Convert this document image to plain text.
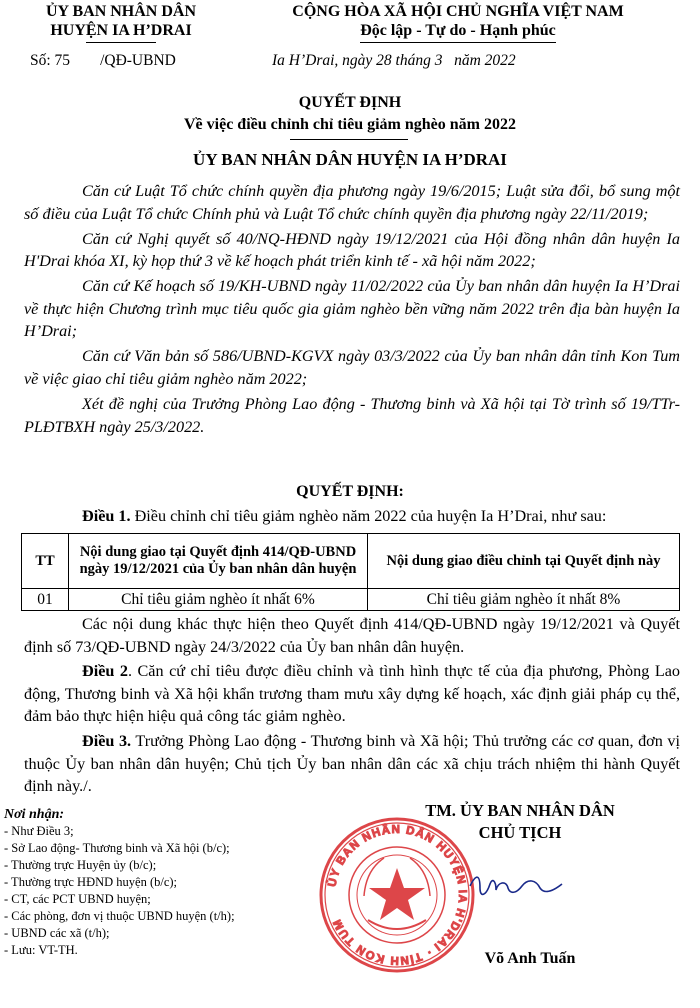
ỦY BAN NHÂN DÂN
HUYỆN IA H’DRAI
CỘNG HÒA XÃ HỘI CHỦ NGHĨA VIỆT NAM
Độc lập - Tự do - Hạnh phúc
Số: 75 /QĐ-UBND	Ia H’Drai, ngày 28 tháng 3   năm 2022
QUYẾT ĐỊNH
Về việc điều chỉnh chỉ tiêu giảm nghèo năm 2022
ỦY BAN NHÂN DÂN HUYỆN IA H’DRAI

Căn cứ Luật Tổ chức chính quyền địa phương ngày 19/6/2015; Luật sửa đổi, bổ sung một số điều của Luật Tổ chức Chính phủ và Luật Tổ chức chính quyền địa phương ngày 22/11/2019;

Căn cứ Nghị quyết số 40/NQ-HĐND ngày 19/12/2021 của Hội đồng nhân dân huyện Ia H'Drai khóa XI, kỳ họp thứ 3 về kế hoạch phát triển kinh tế - xã hội năm 2022;

Căn cứ Kế hoạch số 19/KH-UBND ngày 11/02/2022 của Ủy ban nhân dân huyện Ia H’Drai về thực hiện Chương trình mục tiêu quốc gia giảm nghèo bền vững năm 2022 trên địa bàn huyện Ia H’Drai;

Căn cứ Văn bản số 586/UBND-KGVX ngày 03/3/2022 của Ủy ban nhân dân tỉnh Kon Tum về việc giao chỉ tiêu giảm nghèo năm 2022;

Xét đề nghị của Trưởng Phòng Lao động - Thương binh và Xã hội tại Tờ trình số 19/TTr-PLĐTBXH ngày 25/3/2022.

QUYẾT ĐỊNH:
Điều 1. Điều chỉnh chỉ tiêu giảm nghèo năm 2022 của huyện Ia H’Drai, như sau:
TT	Nội dung giao tại Quyết định 414/QĐ-UBND ngày 19/12/2021 của Ủy ban nhân dân huyện	Nội dung giao điều chỉnh tại Quyết định này
01	Chỉ tiêu giảm nghèo ít nhất 6%	Chỉ tiêu giảm nghèo ít nhất 8%

Các nội dung khác thực hiện theo Quyết định 414/QĐ-UBND ngày 19/12/2021 và Quyết định số 73/QĐ-UBND ngày 24/3/2022 của Ủy ban nhân dân huyện.

Điều 2. Căn cứ chỉ tiêu được điều chỉnh và tình hình thực tế của địa phương, Phòng Lao động, Thương binh và Xã hội khẩn trương tham mưu xây dựng kế hoạch, xác định giải pháp cụ thể, đảm bảo thực hiện hiệu quả công tác giảm nghèo.

Điều 3. Trưởng Phòng Lao động - Thương binh và Xã hội; Thủ trưởng các cơ quan, đơn vị thuộc Ủy ban nhân dân huyện; Chủ tịch Ủy ban nhân dân các xã chịu trách nhiệm thi hành Quyết định này./.

Nơi nhận:
- Như Điều 3;
- Sở Lao động- Thương binh và Xã hội (b/c);
- Thường trực Huyện ủy (b/c);
- Thường trực HĐND huyện (b/c);
- CT, các PCT UBND huyện;
- Các phòng, đơn vị thuộc UBND huyện (t/h);
- UBND các xã (t/h);
- Lưu: VT-TH.
TM. ỦY BAN NHÂN DÂN
CHỦ TỊCH
ỦY BAN NHÂN DÂN HUYỆN IA H'DRAI · TỈNH KON TUM
Võ Anh Tuấn
